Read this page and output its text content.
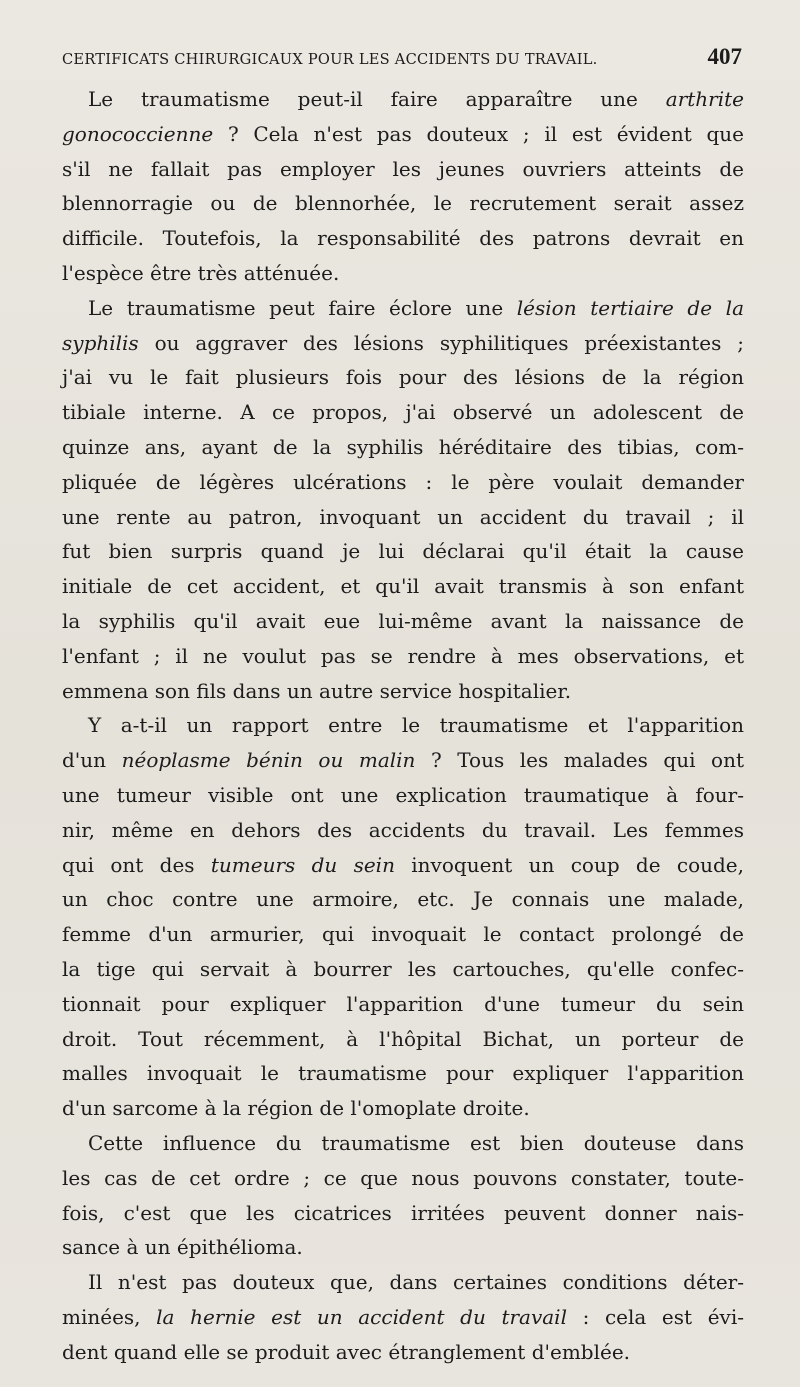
CERTIFICATS CHIRURGICAUX POUR LES ACCIDENTS DU TRAVAIL.	407
Le traumatisme peut-il faire apparaître une arthrite
gonococcienne ? Cela n'est pas douteux ; il est évident que
s'il ne fallait pas employer les jeunes ouvriers atteints de
blennorragie ou de blennorhée, le recrutement serait assez
difficile. Toutefois, la responsabilité des patrons devrait en
l'espèce être très atténuée.
Le traumatisme peut faire éclore une lésion tertiaire de la
syphilis ou aggraver des lésions syphilitiques préexistantes ;
j'ai vu le fait plusieurs fois pour des lésions de la région
tibiale interne. A ce propos, j'ai observé un adolescent de
quinze ans, ayant de la syphilis héréditaire des tibias, com-
pliquée de légères ulcérations : le père voulait demander
une rente au patron, invoquant un accident du travail ; il
fut bien surpris quand je lui déclarai qu'il était la cause
initiale de cet accident, et qu'il avait transmis à son enfant
la syphilis qu'il avait eue lui-même avant la naissance de
l'enfant ; il ne voulut pas se rendre à mes observations, et
emmena son fils dans un autre service hospitalier.
Y a-t-il un rapport entre le traumatisme et l'apparition
d'un néoplasme bénin ou malin ? Tous les malades qui ont
une tumeur visible ont une explication traumatique à four-
nir, même en dehors des accidents du travail. Les femmes
qui ont des tumeurs du sein invoquent un coup de coude,
un choc contre une armoire, etc. Je connais une malade,
femme d'un armurier, qui invoquait le contact prolongé de
la tige qui servait à bourrer les cartouches, qu'elle confec-
tionnait pour expliquer l'apparition d'une tumeur du sein
droit. Tout récemment, à l'hôpital Bichat, un porteur de
malles invoquait le traumatisme pour expliquer l'apparition
d'un sarcome à la région de l'omoplate droite.
Cette influence du traumatisme est bien douteuse dans
les cas de cet ordre ; ce que nous pouvons constater, toute-
fois, c'est que les cicatrices irritées peuvent donner nais-
sance à un épithélioma.
Il n'est pas douteux que, dans certaines conditions déter-
minées, la hernie est un accident du travail : cela est évi-
dent quand elle se produit avec étranglement d'emblée.
